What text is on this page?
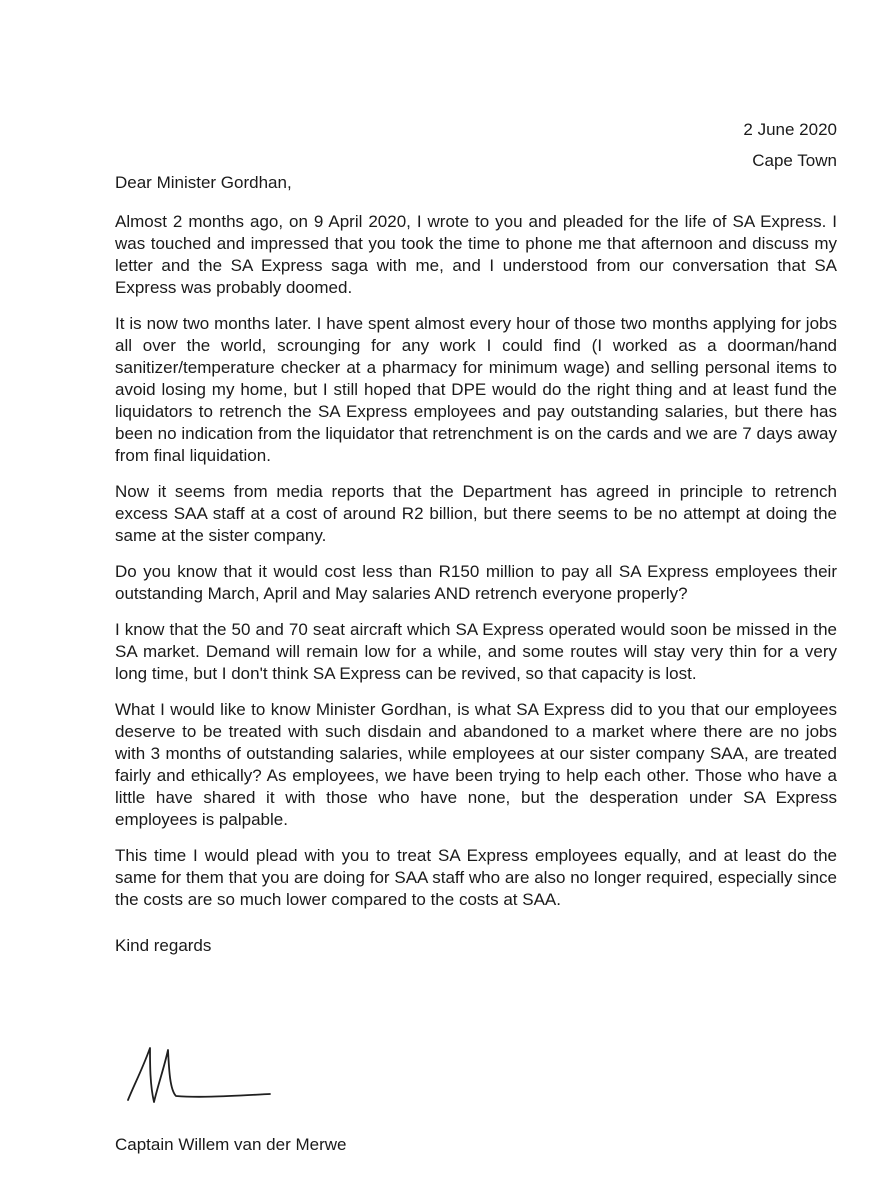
2 June 2020
Cape Town

Dear Minister Gordhan,

Almost 2 months ago, on 9 April 2020, I wrote to you and pleaded for the life of SA Express. I was touched and impressed that you took the time to phone me that afternoon and discuss my letter and the SA Express saga with me, and I understood from our conversation that SA Express was probably doomed.

It is now two months later. I have spent almost every hour of those two months applying for jobs all over the world, scrounging for any work I could find (I worked as a doorman/hand sanitizer/temperature checker at a pharmacy for minimum wage) and selling personal items to avoid losing my home, but I still hoped that DPE would do the right thing and at least fund the liquidators to retrench the SA Express employees and pay outstanding salaries, but there has been no indication from the liquidator that retrenchment is on the cards and we are 7 days away from final liquidation.

Now it seems from media reports that the Department has agreed in principle to retrench excess SAA staff at a cost of around R2 billion, but there seems to be no attempt at doing the same at the sister company.

Do you know that it would cost less than R150 million to pay all SA Express employees their outstanding March, April and May salaries AND retrench everyone properly?

I know that the 50 and 70 seat aircraft which SA Express operated would soon be missed in the SA market. Demand will remain low for a while, and some routes will stay very thin for a very long time, but I don't think SA Express can be revived, so that capacity is lost.

What I would like to know Minister Gordhan, is what SA Express did to you that our employees deserve to be treated with such disdain and abandoned to a market where there are no jobs with 3 months of outstanding salaries, while employees at our sister company SAA, are treated fairly and ethically? As employees, we have been trying to help each other. Those who have a little have shared it with those who have none, but the desperation under SA Express employees is palpable.

This time I would plead with you to treat SA Express employees equally, and at least do the same for them that you are doing for SAA staff who are also no longer required, especially since the costs are so much lower compared to the costs at SAA.

Kind regards

Captain Willem van der Merwe
